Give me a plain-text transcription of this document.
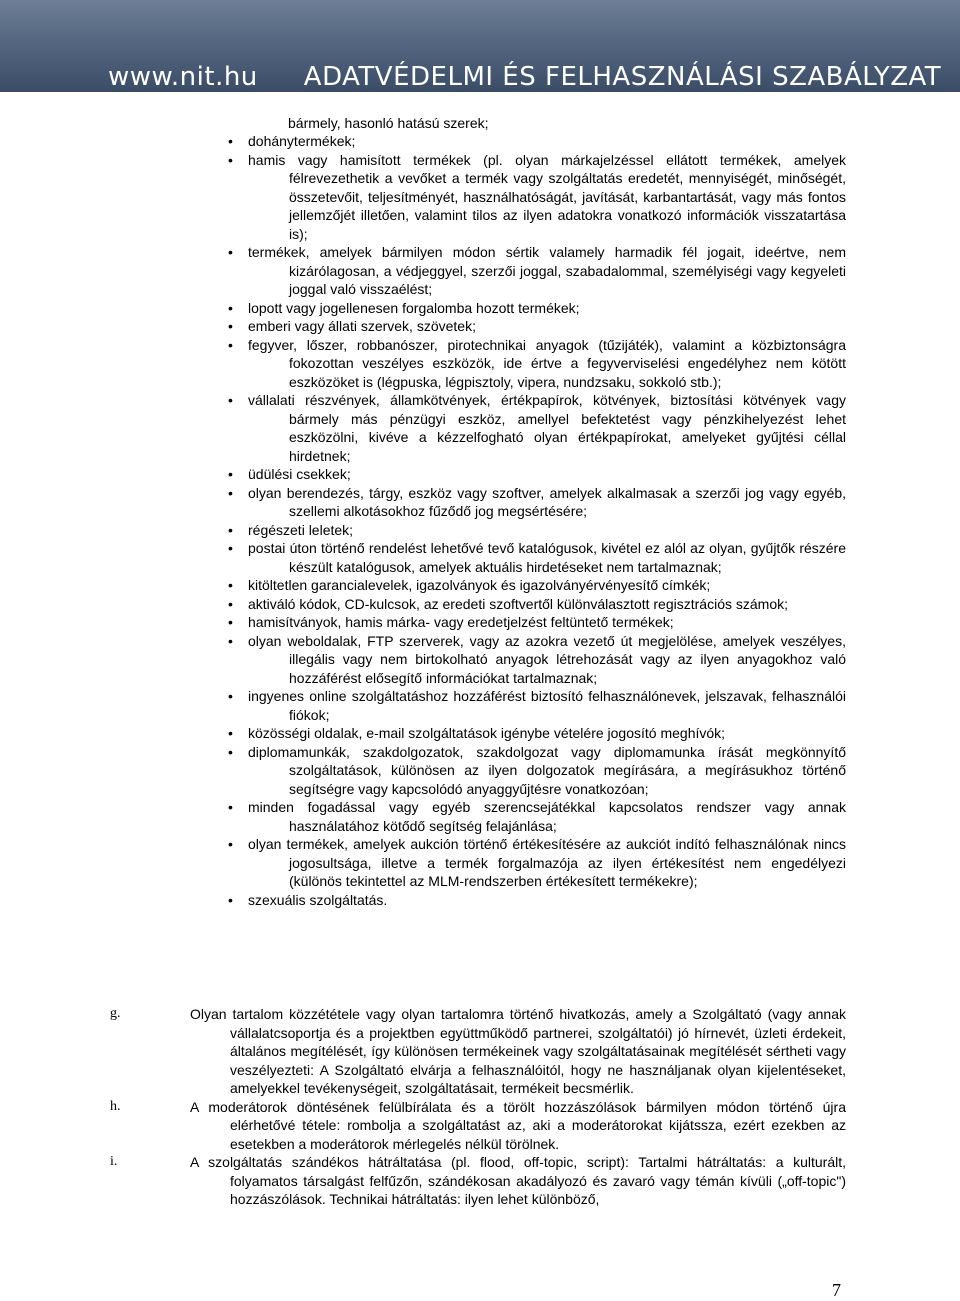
www.nit.hu ADATVÉDELMI ÉS FELHASZNÁLÁSI SZABÁLYZAT
bármely, hasonló hatású szerek;
• dohánytermékek;
• hamis vagy hamisított termékek (pl. olyan márkajelzéssel ellátott termékek, amelyek félrevezethetik a vevőket a termék vagy szolgáltatás eredetét, mennyiségét, minőségét, összetevőit, teljesítményét, használhatóságát, javítását, karbantartását, vagy más fontos jellemzőjét illetően, valamint tilos az ilyen adatokra vonatkozó információk visszatartása is);
• termékek, amelyek bármilyen módon sértik valamely harmadik fél jogait, ideértve, nem kizárólagosan, a védjeggyel, szerzői joggal, szabadalommal, személyiségi vagy kegyeleti joggal való visszaélést;
• lopott vagy jogellenesen forgalomba hozott termékek;
• emberi vagy állati szervek, szövetek;
• fegyver, lőszer, robbanószer, pirotechnikai anyagok (tűzijáték), valamint a közbiztonságra fokozottan veszélyes eszközök, ide értve a fegyverviselési engedélyhez nem kötött eszközöket is (légpuska, légpisztoly, vipera, nundzsaku, sokkoló stb.);
• vállalati részvények, államkötvények, értékpapírok, kötvények, biztosítási kötvények vagy bármely más pénzügyi eszköz, amellyel befektetést vagy pénzkihelyezést lehet eszközölni, kivéve a kézzelfogható olyan értékpapírokat, amelyeket gyűjtési céllal hirdetnek;
• üdülési csekkek;
• olyan berendezés, tárgy, eszköz vagy szoftver, amelyek alkalmasak a szerzői jog vagy egyéb, szellemi alkotásokhoz fűződő jog megsértésére;
• régészeti leletek;
• postai úton történő rendelést lehetővé tevő katalógusok, kivétel ez alól az olyan, gyűjtők részére készült katalógusok, amelyek aktuális hirdetéseket nem tartalmaznak;
• kitöltetlen garancialevelek, igazolványok és igazolványérvényesítő címkék;
• aktiváló kódok, CD-kulcsok, az eredeti szoftvertől különválasztott regisztrációs számok;
• hamisítványok, hamis márka- vagy eredetjelzést feltüntető termékek;
• olyan weboldalak, FTP szerverek, vagy az azokra vezető út megjelölése, amelyek veszélyes, illegális vagy nem birtokolható anyagok létrehozását vagy az ilyen anyagokhoz való hozzáférést elősegítő információkat tartalmaznak;
• ingyenes online szolgáltatáshoz hozzáférést biztosító felhasználónevek, jelszavak, felhasználói fiókok;
• közösségi oldalak, e-mail szolgáltatások igénybe vételére jogosító meghívók;
• diplomamunkák, szakdolgozatok, szakdolgozat vagy diplomamunka írását megkönnyítő szolgáltatások, különösen az ilyen dolgozatok megírására, a megírásukhoz történő segítségre vagy kapcsolódó anyaggyűjtésre vonatkozóan;
• minden fogadással vagy egyéb szerencsejátékkal kapcsolatos rendszer vagy annak használatához kötődő segítség felajánlása;
• olyan termékek, amelyek aukción történő értékesítésére az aukciót indító felhasználónak nincs jogosultsága, illetve a termék forgalmazója az ilyen értékesítést nem engedélyezi (különös tekintettel az MLM-rendszerben értékesített termékekre);
• szexuális szolgáltatás.
g.	Olyan tartalom közzététele vagy olyan tartalomra történő hivatkozás, amely a Szolgáltató (vagy annak vállalatcsoportja és a projektben együttműködő partnerei, szolgáltatói) jó hírnevét, üzleti érdekeit, általános megítélését, így különösen termékeinek vagy szolgáltatásainak megítélését sértheti vagy veszélyezteti: A Szolgáltató elvárja a felhasználóitól, hogy ne használjanak olyan kijelentéseket, amelyekkel tevékenységeit, szolgáltatásait, termékeit becsmérlik.
h.	A moderátorok döntésének felülbírálata és a törölt hozzászólások bármilyen módon történő újra elérhetővé tétele: rombolja a szolgáltatást az, aki a moderátorokat kijátssza, ezért ezekben az esetekben a moderátorok mérlegelés nélkül törölnek.
i.	A szolgáltatás szándékos hátráltatása (pl. flood, off-topic, script): Tartalmi hátráltatás: a kulturált, folyamatos társalgást felfűzőn, szándékosan akadályozó és zavaró vagy témán kívüli („off-topic") hozzászólások. Technikai hátráltatás: ilyen lehet különböző,
7
